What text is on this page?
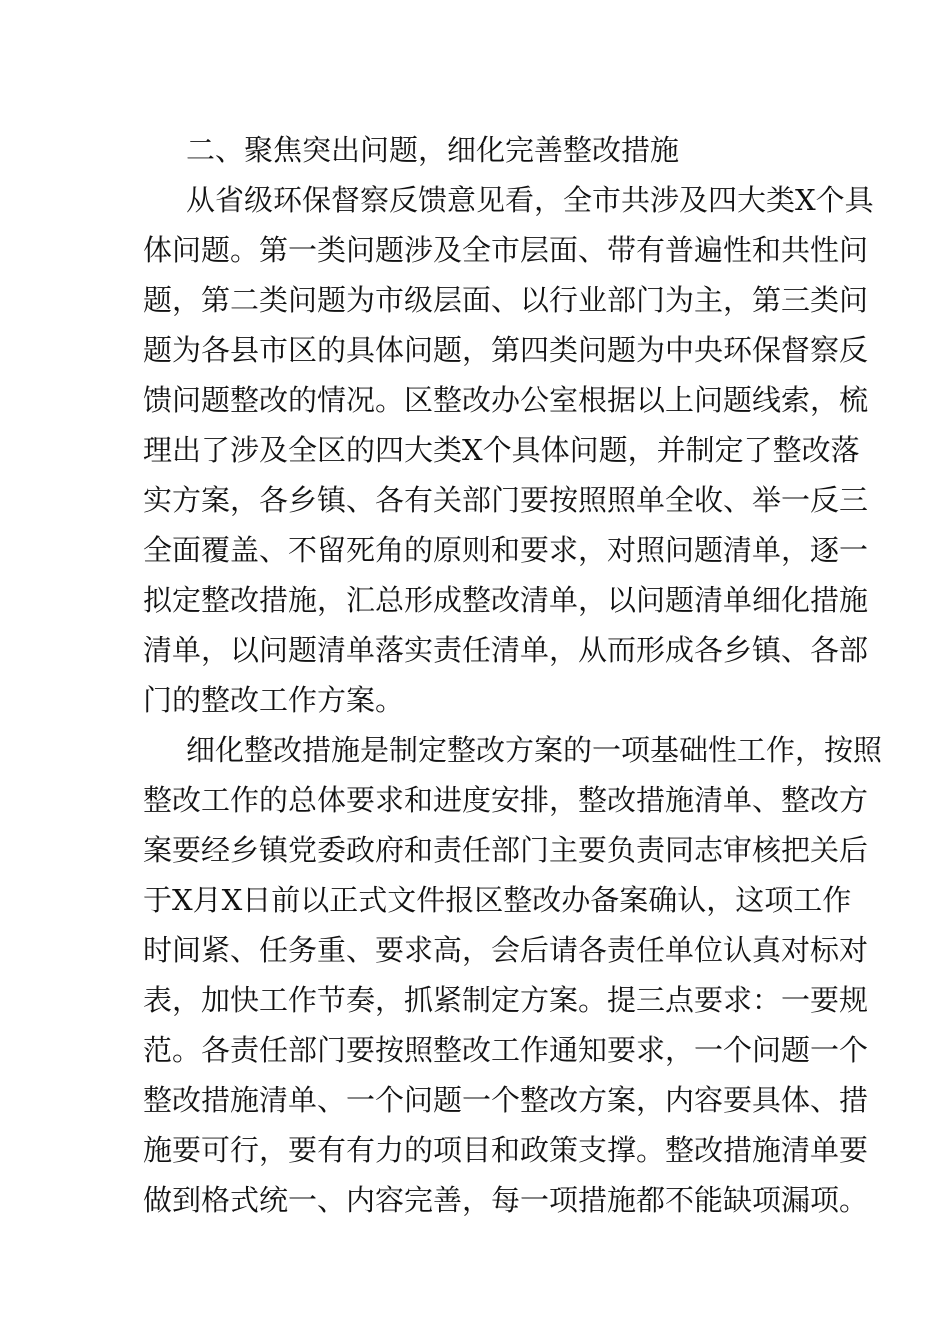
二、聚焦突出问题，细化完善整改措施
从省级环保督察反馈意见看，全市共涉及四大类X个具
体问题。第一类问题涉及全市层面、带有普遍性和共性问
题，第二类问题为市级层面、以行业部门为主，第三类问
题为各县市区的具体问题，第四类问题为中央环保督察反
馈问题整改的情况。区整改办公室根据以上问题线索，梳
理出了涉及全区的四大类X个具体问题，并制定了整改落
实方案，各乡镇、各有关部门要按照照单全收、举一反三
全面覆盖、不留死角的原则和要求，对照问题清单，逐一
拟定整改措施，汇总形成整改清单，以问题清单细化措施
清单，以问题清单落实责任清单，从而形成各乡镇、各部
门的整改工作方案。
细化整改措施是制定整改方案的一项基础性工作，按照
整改工作的总体要求和进度安排，整改措施清单、整改方
案要经乡镇党委政府和责任部门主要负责同志审核把关后
于X月X日前以正式文件报区整改办备案确认，这项工作
时间紧、任务重、要求高，会后请各责任单位认真对标对
表，加快工作节奏，抓紧制定方案。提三点要求：一要规
范。各责任部门要按照整改工作通知要求，一个问题一个
整改措施清单、一个问题一个整改方案，内容要具体、措
施要可行，要有有力的项目和政策支撑。整改措施清单要
做到格式统一、内容完善，每一项措施都不能缺项漏项。
